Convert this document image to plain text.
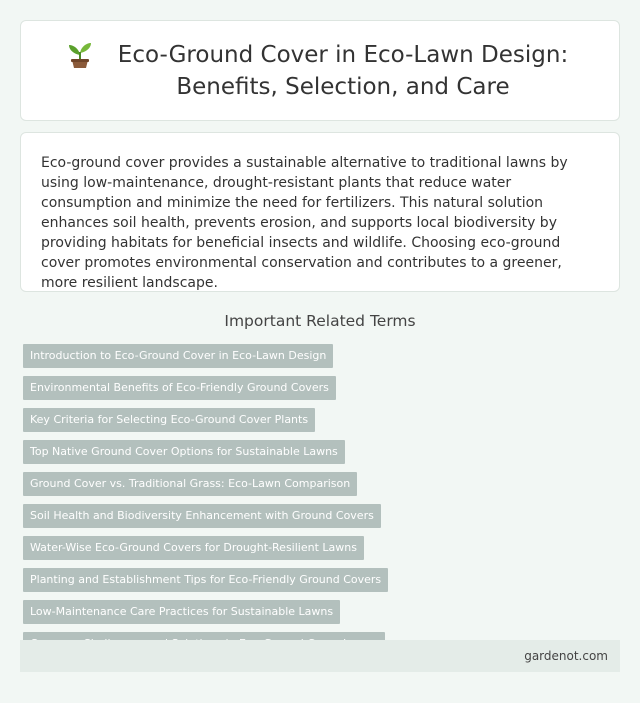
Eco-Ground Cover in Eco-Lawn Design: Benefits, Selection, and Care

Eco-ground cover provides a sustainable alternative to traditional lawns by using low-maintenance, drought-resistant plants that reduce water consumption and minimize the need for fertilizers. This natural solution enhances soil health, prevents erosion, and supports local biodiversity by providing habitats for beneficial insects and wildlife. Choosing eco-ground cover promotes environmental conservation and contributes to a greener, more resilient landscape.

Important Related Terms
Introduction to Eco-Ground Cover in Eco-Lawn Design
Environmental Benefits of Eco-Friendly Ground Covers
Key Criteria for Selecting Eco-Ground Cover Plants
Top Native Ground Cover Options for Sustainable Lawns
Ground Cover vs. Traditional Grass: Eco-Lawn Comparison
Soil Health and Biodiversity Enhancement with Ground Covers
Water-Wise Eco-Ground Covers for Drought-Resilient Lawns
Planting and Establishment Tips for Eco-Friendly Ground Covers
Low-Maintenance Care Practices for Sustainable Lawns
gardenot.com
